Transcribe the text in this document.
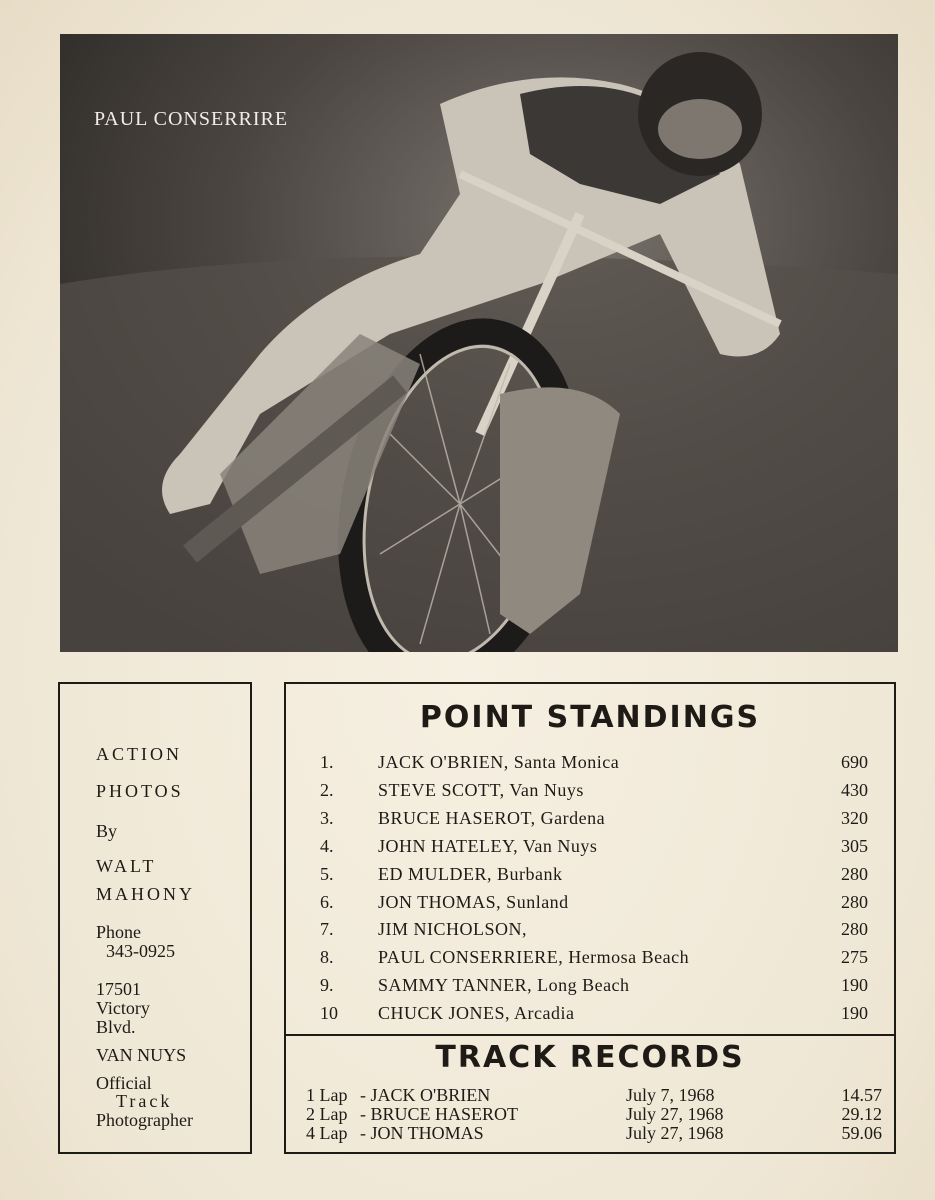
PAUL CONSERRIRE
ACTION
PHOTOS
By
WALT
MAHONY
Phone
343-0925
17501
Victory
Blvd.
VAN NUYS
Official
Track
Photographer
POINT STANDINGS
1. JACK O'BRIEN, Santa Monica	690
2. STEVE SCOTT, Van Nuys	430
3. BRUCE HASEROT, Gardena	320
4. JOHN HATELEY, Van Nuys	305
5. ED MULDER, Burbank	280
6. JON THOMAS, Sunland	280
7. JIM NICHOLSON,	280
8. PAUL CONSERRIERE, Hermosa Beach	275
9. SAMMY TANNER, Long Beach	190
10 CHUCK JONES, Arcadia	190
TRACK RECORDS
1 Lap - JACK O'BRIEN	July 7, 1968	14.57
2 Lap - BRUCE HASEROT	July 27, 1968	29.12
4 Lap - JON THOMAS	July 27, 1968	59.06
